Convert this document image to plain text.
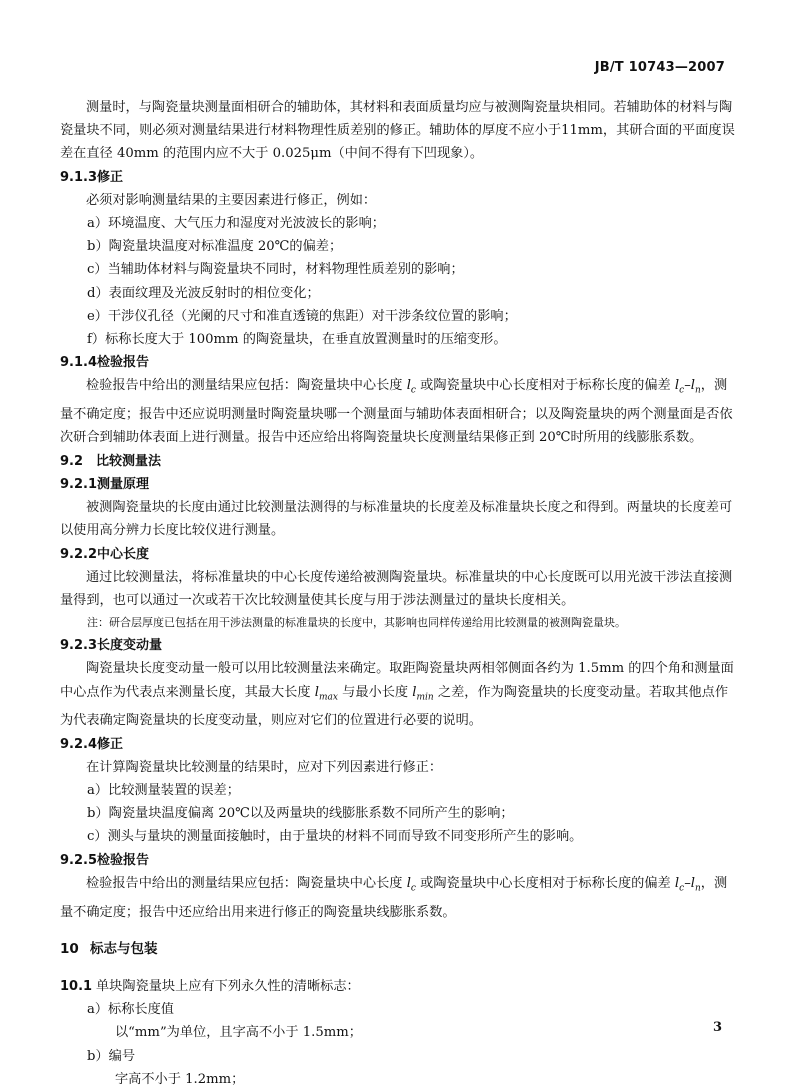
JB/T 10743—2007

测量时，与陶瓷量块测量面相研合的辅助体，其材料和表面质量均应与被测陶瓷量块相同。若辅助体的材料与陶瓷量块不同，则必须对测量结果进行材料物理性质差别的修正。辅助体的厚度不应小于11mm，其研合面的平面度误差在直径 40mm 的范围内应不大于 0.025μm（中间不得有下凹现象）。

9.1.3修正

必须对影响测量结果的主要因素进行修正，例如：

a）环境温度、大气压力和湿度对光波波长的影响；

b）陶瓷量块温度对标准温度 20℃的偏差；

c）当辅助体材料与陶瓷量块不同时，材料物理性质差别的影响；

d）表面纹理及光波反射时的相位变化；

e）干涉仪孔径（光阑的尺寸和准直透镜的焦距）对干涉条纹位置的影响；

f）标称长度大于 100mm 的陶瓷量块，在垂直放置测量时的压缩变形。

9.1.4检验报告

检验报告中给出的测量结果应包括：陶瓷量块中心长度 $l_c$ 或陶瓷量块中心长度相对于标称长度的偏差 $l_c-l_n$，测量不确定度；报告中还应说明测量时陶瓷量块哪一个测量面与辅助体表面相研合；以及陶瓷量块的两个测量面是否依次研合到辅助体表面上进行测量。报告中还应给出将陶瓷量块长度测量结果修正到 20℃时所用的线膨胀系数。

9.2 比较测量法

9.2.1测量原理

被测陶瓷量块的长度由通过比较测量法测得的与标准量块的长度差及标准量块长度之和得到。两量块的长度差可以使用高分辨力长度比较仪进行测量。

9.2.2中心长度

通过比较测量法，将标准量块的中心长度传递给被测陶瓷量块。标准量块的中心长度既可以用光波干涉法直接测量得到，也可以通过一次或若干次比较测量使其长度与用于涉法测量过的量块长度相关。

注：研合层厚度已包括在用干涉法测量的标准量块的长度中，其影响也同样传递给用比较测量的被测陶瓷量块。

9.2.3长度变动量

陶瓷量块长度变动量一般可以用比较测量法来确定。取距陶瓷量块两相邻侧面各约为 1.5mm 的四个角和测量面中心点作为代表点来测量长度，其最大长度 $l_{max}$ 与最小长度 $l_{min}$ 之差，作为陶瓷量块的长度变动量。若取其他点作为代表确定陶瓷量块的长度变动量，则应对它们的位置进行必要的说明。

9.2.4修正

在计算陶瓷量块比较测量的结果时，应对下列因素进行修正：

a）比较测量装置的误差；

b）陶瓷量块温度偏离 20℃以及两量块的线膨胀系数不同所产生的影响；

c）测头与量块的测量面接触时，由于量块的材料不同而导致不同变形所产生的影响。

9.2.5检验报告

检验报告中给出的测量结果应包括：陶瓷量块中心长度 $l_c$ 或陶瓷量块中心长度相对于标称长度的偏差 $l_c-l_n$，测量不确定度；报告中还应给出用来进行修正的陶瓷量块线膨胀系数。

10 标志与包装

10.1 单块陶瓷量块上应有下列永久性的清晰标志：

a）标称长度值

以“mm”为单位，且字高不小于 1.5mm；

b）编号

字高不小于 1.2mm；

3
